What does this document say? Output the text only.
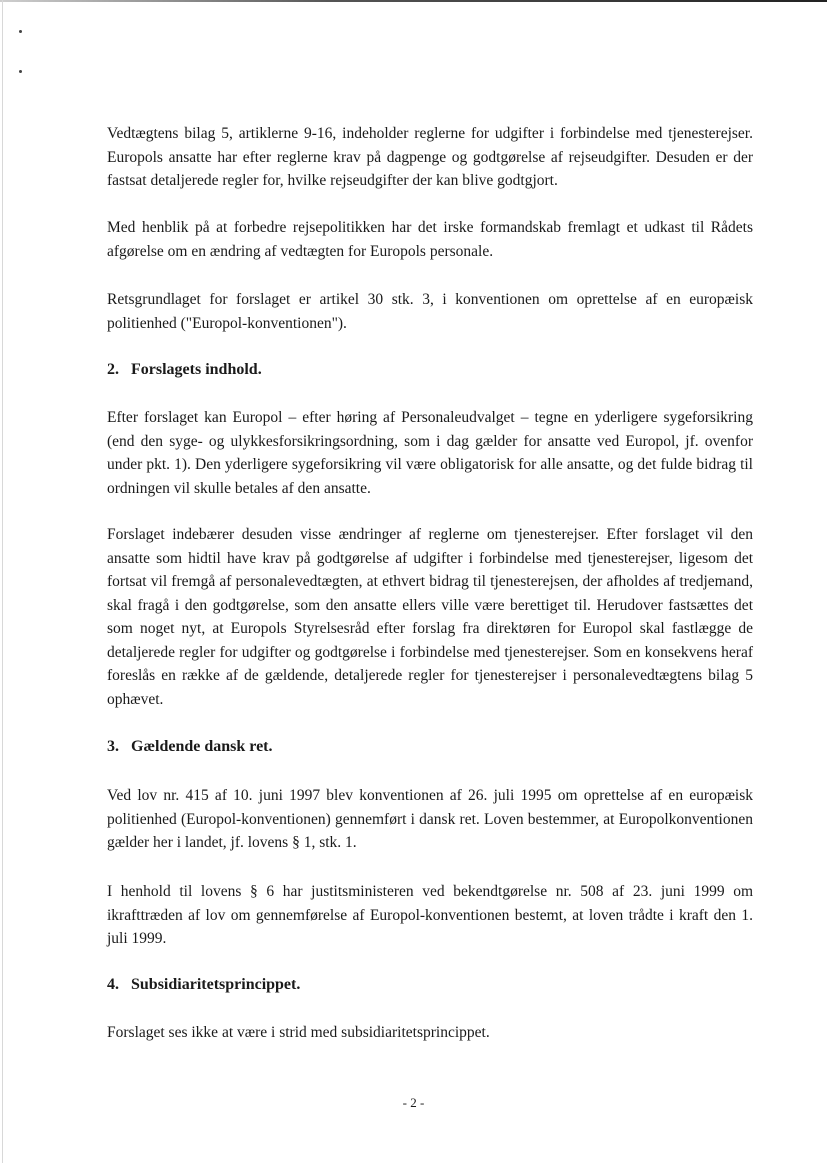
Vedtægtens bilag 5, artiklerne 9-16, indeholder reglerne for udgifter i forbindelse med tjenesterejser. Europols ansatte har efter reglerne krav på dagpenge og godtgørelse af rejseudgifter. Desuden er der fastsat detaljerede regler for, hvilke rejseudgifter der kan blive godtgjort.

Med henblik på at forbedre rejsepolitikken har det irske formandskab fremlagt et udkast til Rådets afgørelse om en ændring af vedtægten for Europols personale.

Retsgrundlaget for forslaget er artikel 30 stk. 3, i konventionen om oprettelse af en europæisk politienhed ("Europol-konventionen").

2. Forslagets indhold.

Efter forslaget kan Europol – efter høring af Personaleudvalget – tegne en yderligere sygeforsikring (end den syge- og ulykkesforsikringsordning, som i dag gælder for ansatte ved Europol, jf. ovenfor under pkt. 1). Den yderligere sygeforsikring vil være obligatorisk for alle ansatte, og det fulde bidrag til ordningen vil skulle betales af den ansatte.

Forslaget indebærer desuden visse ændringer af reglerne om tjenesterejser. Efter forslaget vil den ansatte som hidtil have krav på godtgørelse af udgifter i forbindelse med tjenesterejser, ligesom det fortsat vil fremgå af personalevedtægten, at ethvert bidrag til tjenesterejsen, der afholdes af tredjemand, skal fragå i den godtgørelse, som den ansatte ellers ville være berettiget til. Herudover fastsættes det som noget nyt, at Europols Styrelsesråd efter forslag fra direktøren for Europol skal fastlægge de detaljerede regler for udgifter og godtgørelse i forbindelse med tjenesterejser. Som en konsekvens heraf foreslås en række af de gældende, detaljerede regler for tjenesterejser i personalevedtægtens bilag 5 ophævet.

3. Gældende dansk ret.

Ved lov nr. 415 af 10. juni 1997 blev konventionen af 26. juli 1995 om oprettelse af en europæisk politienhed (Europol-konventionen) gennemført i dansk ret. Loven bestemmer, at Europolkonventionen gælder her i landet, jf. lovens § 1, stk. 1.

I henhold til lovens § 6 har justitsministeren ved bekendtgørelse nr. 508 af 23. juni 1999 om ikrafttræden af lov om gennemførelse af Europol-konventionen bestemt, at loven trådte i kraft den 1. juli 1999.

4. Subsidiaritetsprincippet.

Forslaget ses ikke at være i strid med subsidiaritetsprincippet.

- 2 -
